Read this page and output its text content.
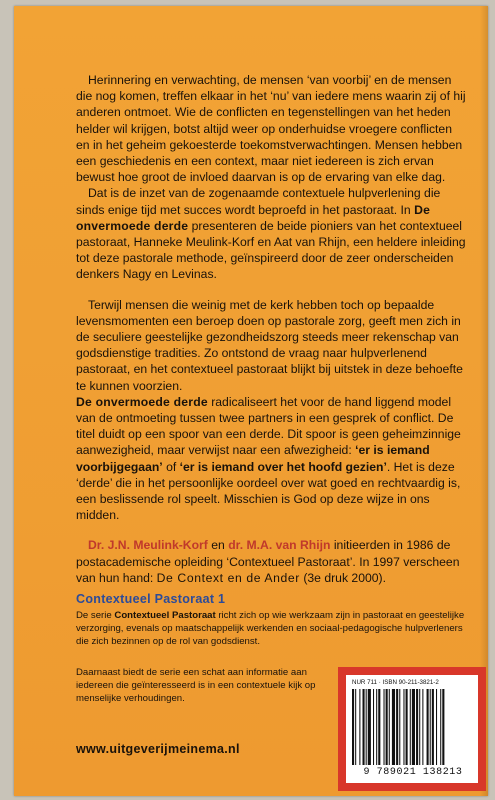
Herinnering en verwachting, de mensen ‘van voorbij’ en de mensen die nog komen, treffen elkaar in het ‘nu’ van iedere mens waarin zij of hij anderen ontmoet. Wie de conflicten en tegenstellingen van het heden helder wil krijgen, botst altijd weer op onderhuidse vroegere conflicten en in het geheim gekoesterde toekomstverwachtingen. Mensen hebben een geschiedenis en een context, maar niet iedereen is zich ervan bewust hoe groot de invloed daarvan is op de ervaring van elke dag.

Dat is de inzet van de zogenaamde contextuele hulpverlening die sinds enige tijd met succes wordt beproefd in het pastoraat. In De onvermoede derde presenteren de beide pioniers van het contextueel pastoraat, Hanneke Meulink-Korf en Aat van Rhijn, een heldere inleiding tot deze pastorale methode, geïnspireerd door de zeer onderscheiden denkers Nagy en Levinas.

Terwijl mensen die weinig met de kerk hebben toch op bepaalde levensmomenten een beroep doen op pastorale zorg, geeft men zich in de seculiere geestelijke gezondheidszorg steeds meer rekenschap van godsdienstige tradities. Zo ontstond de vraag naar hulpverlenend pastoraat, en het contextueel pastoraat blijkt bij uitstek in deze behoefte te kunnen voorzien.

De onvermoede derde radicaliseert het voor de hand liggend model van de ontmoeting tussen twee partners in een gesprek of conflict. De titel duidt op een spoor van een derde. Dit spoor is geen geheimzinnige aanwezigheid, maar verwijst naar een afwezigheid: ‘er is iemand voorbijgegaan’ of ‘er is iemand over het hoofd gezien’. Het is deze ‘derde’ die in het persoonlijke oordeel over wat goed en rechtvaardig is, een beslissende rol speelt. Misschien is God op deze wijze in ons midden.

Dr. J.N. Meulink-Korf en dr. M.A. van Rhijn initieerden in 1986 de postacademische opleiding ‘Contextueel Pastoraat’. In 1997 verscheen van hun hand: De Context en de Ander (3e druk 2000).

Contextueel Pastoraat 1

De serie Contextueel Pastoraat richt zich op wie werkzaam zijn in pastoraat en geestelijke verzorging, evenals op maatschappelijk werkenden en sociaal-pedagogische hulpverleners die zich bezinnen op de rol van godsdienst.

Daarnaast biedt de serie een schat aan informatie aan iedereen die geïnteresseerd is in een contextuele kijk op menselijke verhoudingen.
www.uitgeverijmeinema.nl
NUR 711 · ISBN 90-211-3821-2
9 789021 138213
